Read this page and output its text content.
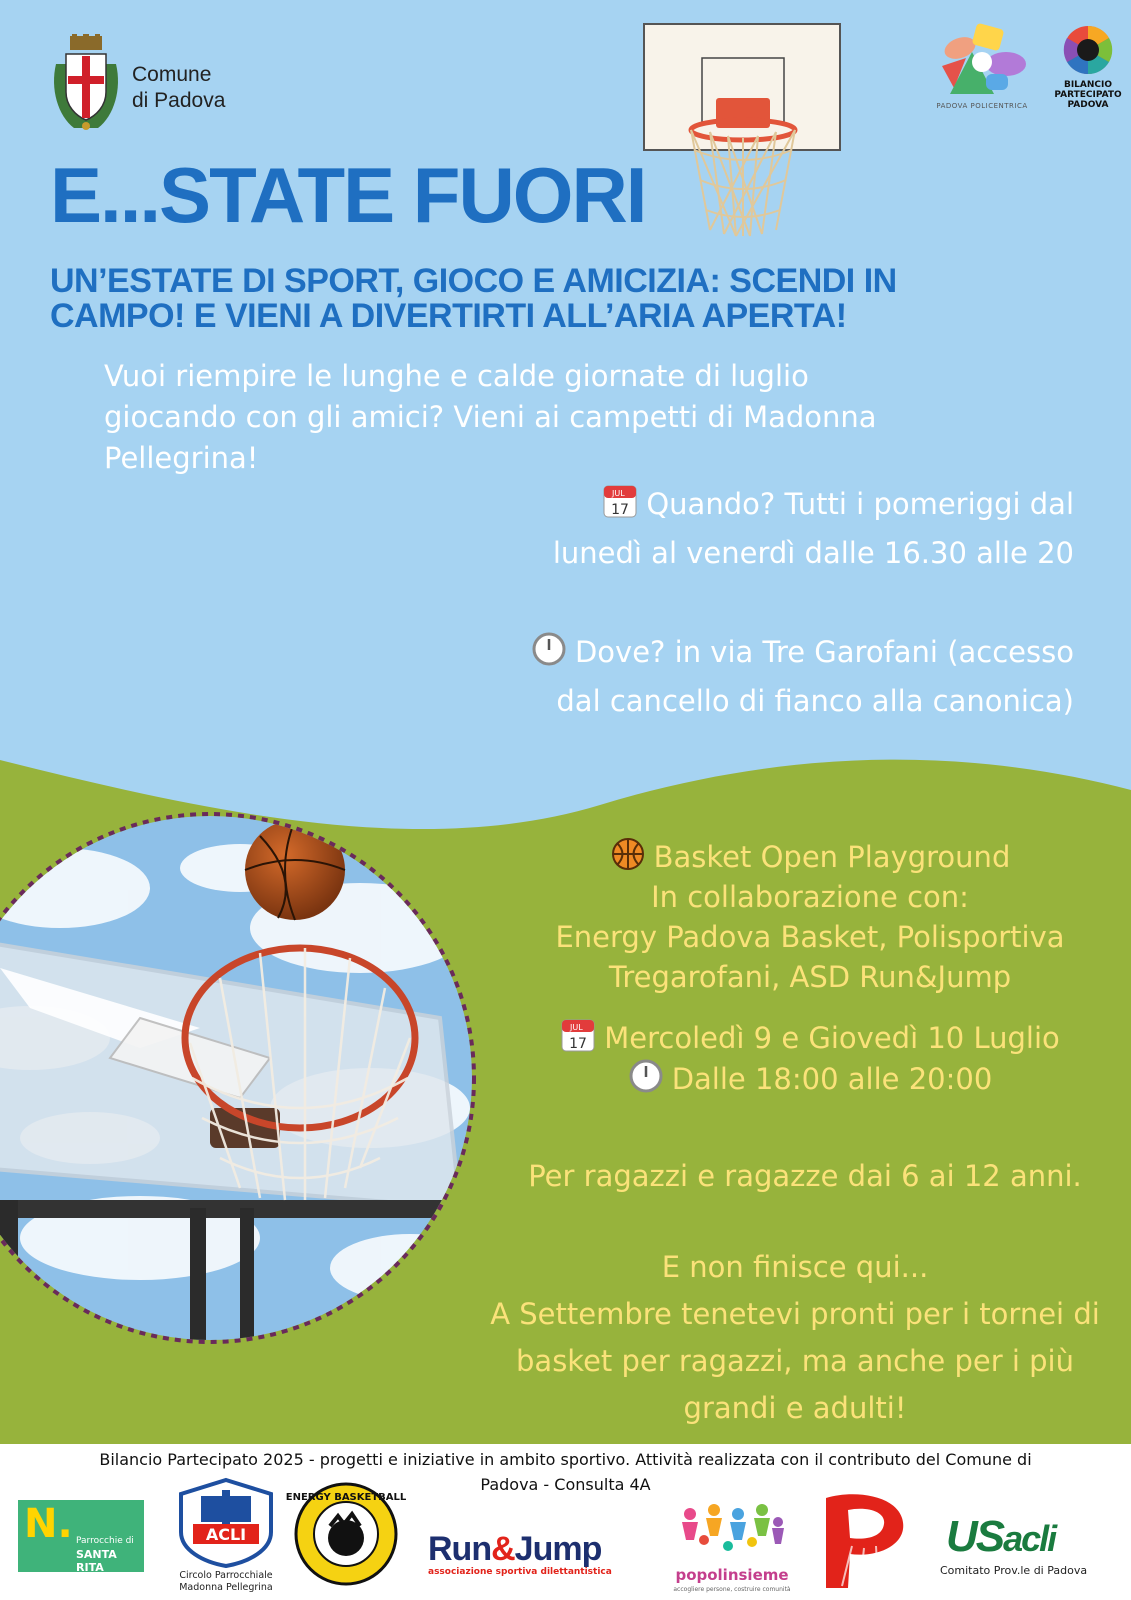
Comune
di Padova	PADOVA POLICENTRICA
BILANCIO
PARTECIPATO
PADOVA
E...STATE FUORI
UN’ESTATE DI SPORT, GIOCO E AMICIZIA: SCENDI IN
CAMPO! E VIENI A DIVERTIRTI ALL’ARIA APERTA!
Vuoi riempire le lunghe e calde giornate di luglio
giocando con gli amici? Vieni ai campetti di Madonna
Pellegrina!
JUL
17 Quando? Tutti i pomeriggi dal
lunedì al venerdì dalle 16.30 alle 20
Dove? in via Tre Garofani (accesso
dal cancello di fianco alla canonica)
Basket Open Playground
In collaborazione con:
Energy Padova Basket, Polisportiva
Tregarofani, ASD Run&Jump
JUL
17 Mercoledì 9 e Giovedì 10 Luglio
Dalle 18:00 alle 20:00
Per ragazzi e ragazze dai 6 ai 12 anni.
E non finisce qui...
A Settembre tenetevi pronti per i tornei di
basket per ragazzi, ma anche per i più
grandi e adulti!
Bilancio Partecipato 2025 - progetti e iniziative in ambito sportivo. Attività realizzata con il contributo del Comune di
Padova - Consulta 4A
N. Parrocchie di
SANTA RITA
ACLI
Circolo Parrocchiale
Madonna Pellegrina
ENERGY BASKETBALL
Run&Jump
associazione sportiva dilettantistica	popolinsieme
accogliere persone, costruire comunità
USacli
Comitato Prov.le di Padova
